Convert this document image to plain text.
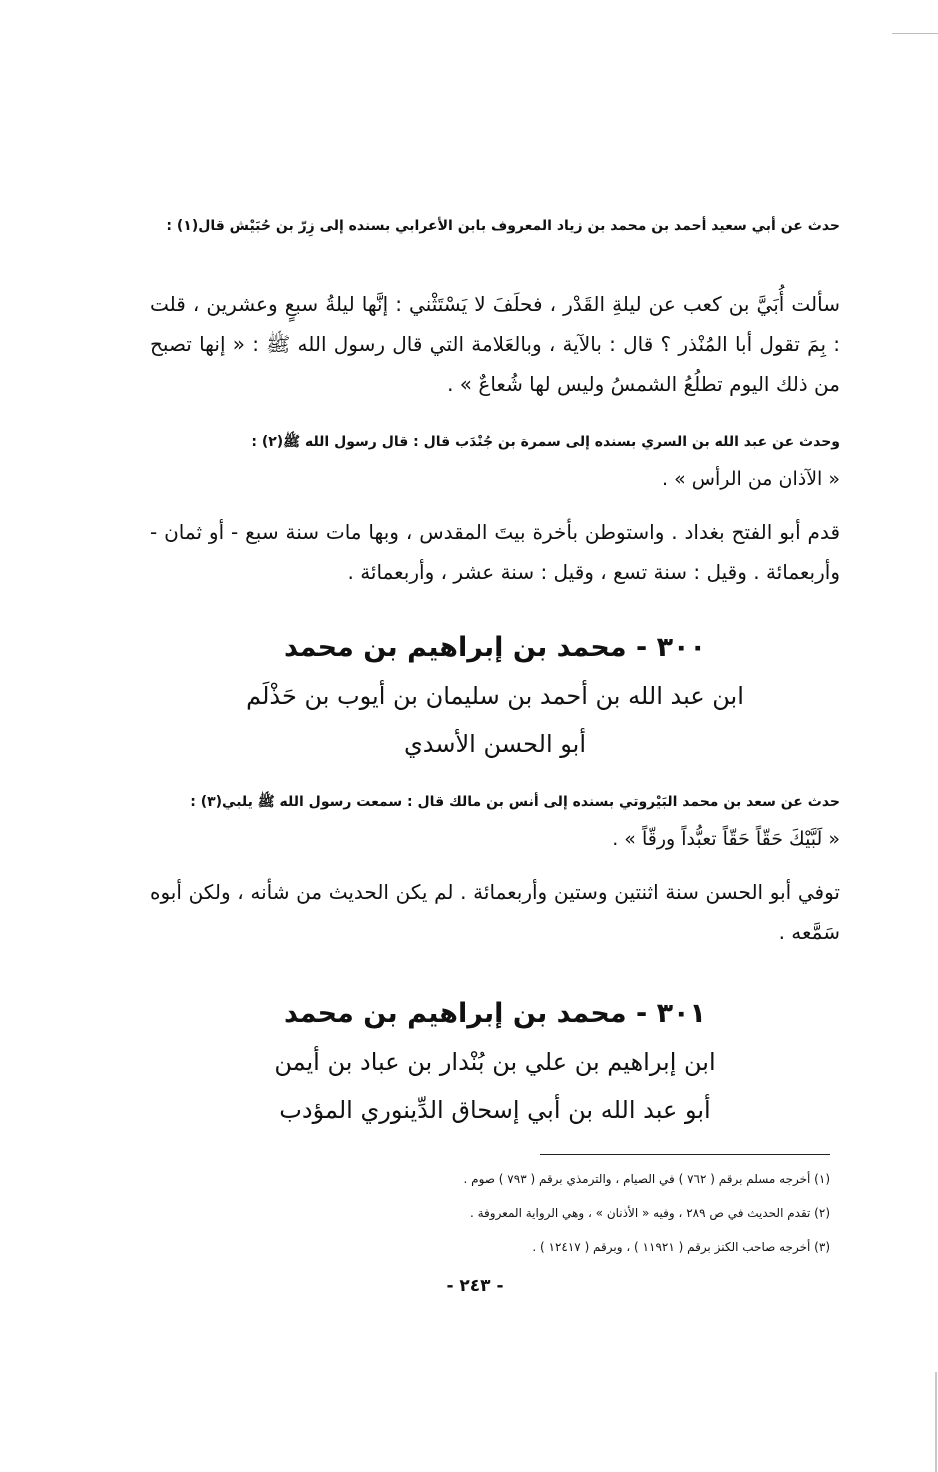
حدث عن أبي سعيد أحمد بن محمد بن زياد المعروف بابن الأعرابي بسنده إلى زِرّ بن حُبَيْش قال(١) :
سألت أُبَيَّ بن كعب عن ليلةِ القَدْر ، فحلَفَ لا يَسْتَثْني : إنَّها ليلةُ سبعٍ وعشرين ، قلت : بِمَ تقول أبا المُنْذر ؟ قال : بالآية ، وبالعَلامة التي قال رسول الله ﷺ : « إنها تصبح من ذلك اليوم تطلُعُ الشمسُ وليس لها شُعاعٌ » .
وحدث عن عبد الله بن السري بسنده إلى سمرة بن جُنْدَب قال : قال رسول الله ﷺ(٢) :
« الآذان من الرأس » .
قدم أبو الفتح بغداد . واستوطن بأخرة بيتَ المقدس ، وبها مات سنة سبع - أو ثمان - وأربعمائة . وقيل : سنة تسع ، وقيل : سنة عشر ، وأربعمائة .
٣٠٠ - محمد بن إبراهيم بن محمد
ابن عبد الله بن أحمد بن سليمان بن أيوب بن حَذْلَم
أبو الحسن الأسدي
حدث عن سعد بن محمد البَيْروتي بسنده إلى أنس بن مالك قال : سمعت رسول الله ﷺ يلبي(٣) :
« لَبَّيْكَ حَقّاً حَقّاً تعبُّداً ورقّاً » .
توفي أبو الحسن سنة اثنتين وستين وأربعمائة . لم يكن الحديث من شأنه ، ولكن أبوه سَمَّعه .
٣٠١ - محمد بن إبراهيم بن محمد
ابن إبراهيم بن علي بن بُنْدار بن عباد بن أيمن
أبو عبد الله بن أبي إسحاق الدِّينوري المؤدب
(١) أخرجه مسلم برقم ( ٧٦٢ ) في الصيام ، والترمذي برقم ( ٧٩٣ ) صوم .
(٢) تقدم الحديث في ص ٢٨٩ ، وفيه « الأذنان » ، وهي الرواية المعروفة .
(٣) أخرجه صاحب الكنز برقم ( ١١٩٢١ ) ، وبرقم ( ١٢٤١٧ ) .
- ٢٤٣ -
